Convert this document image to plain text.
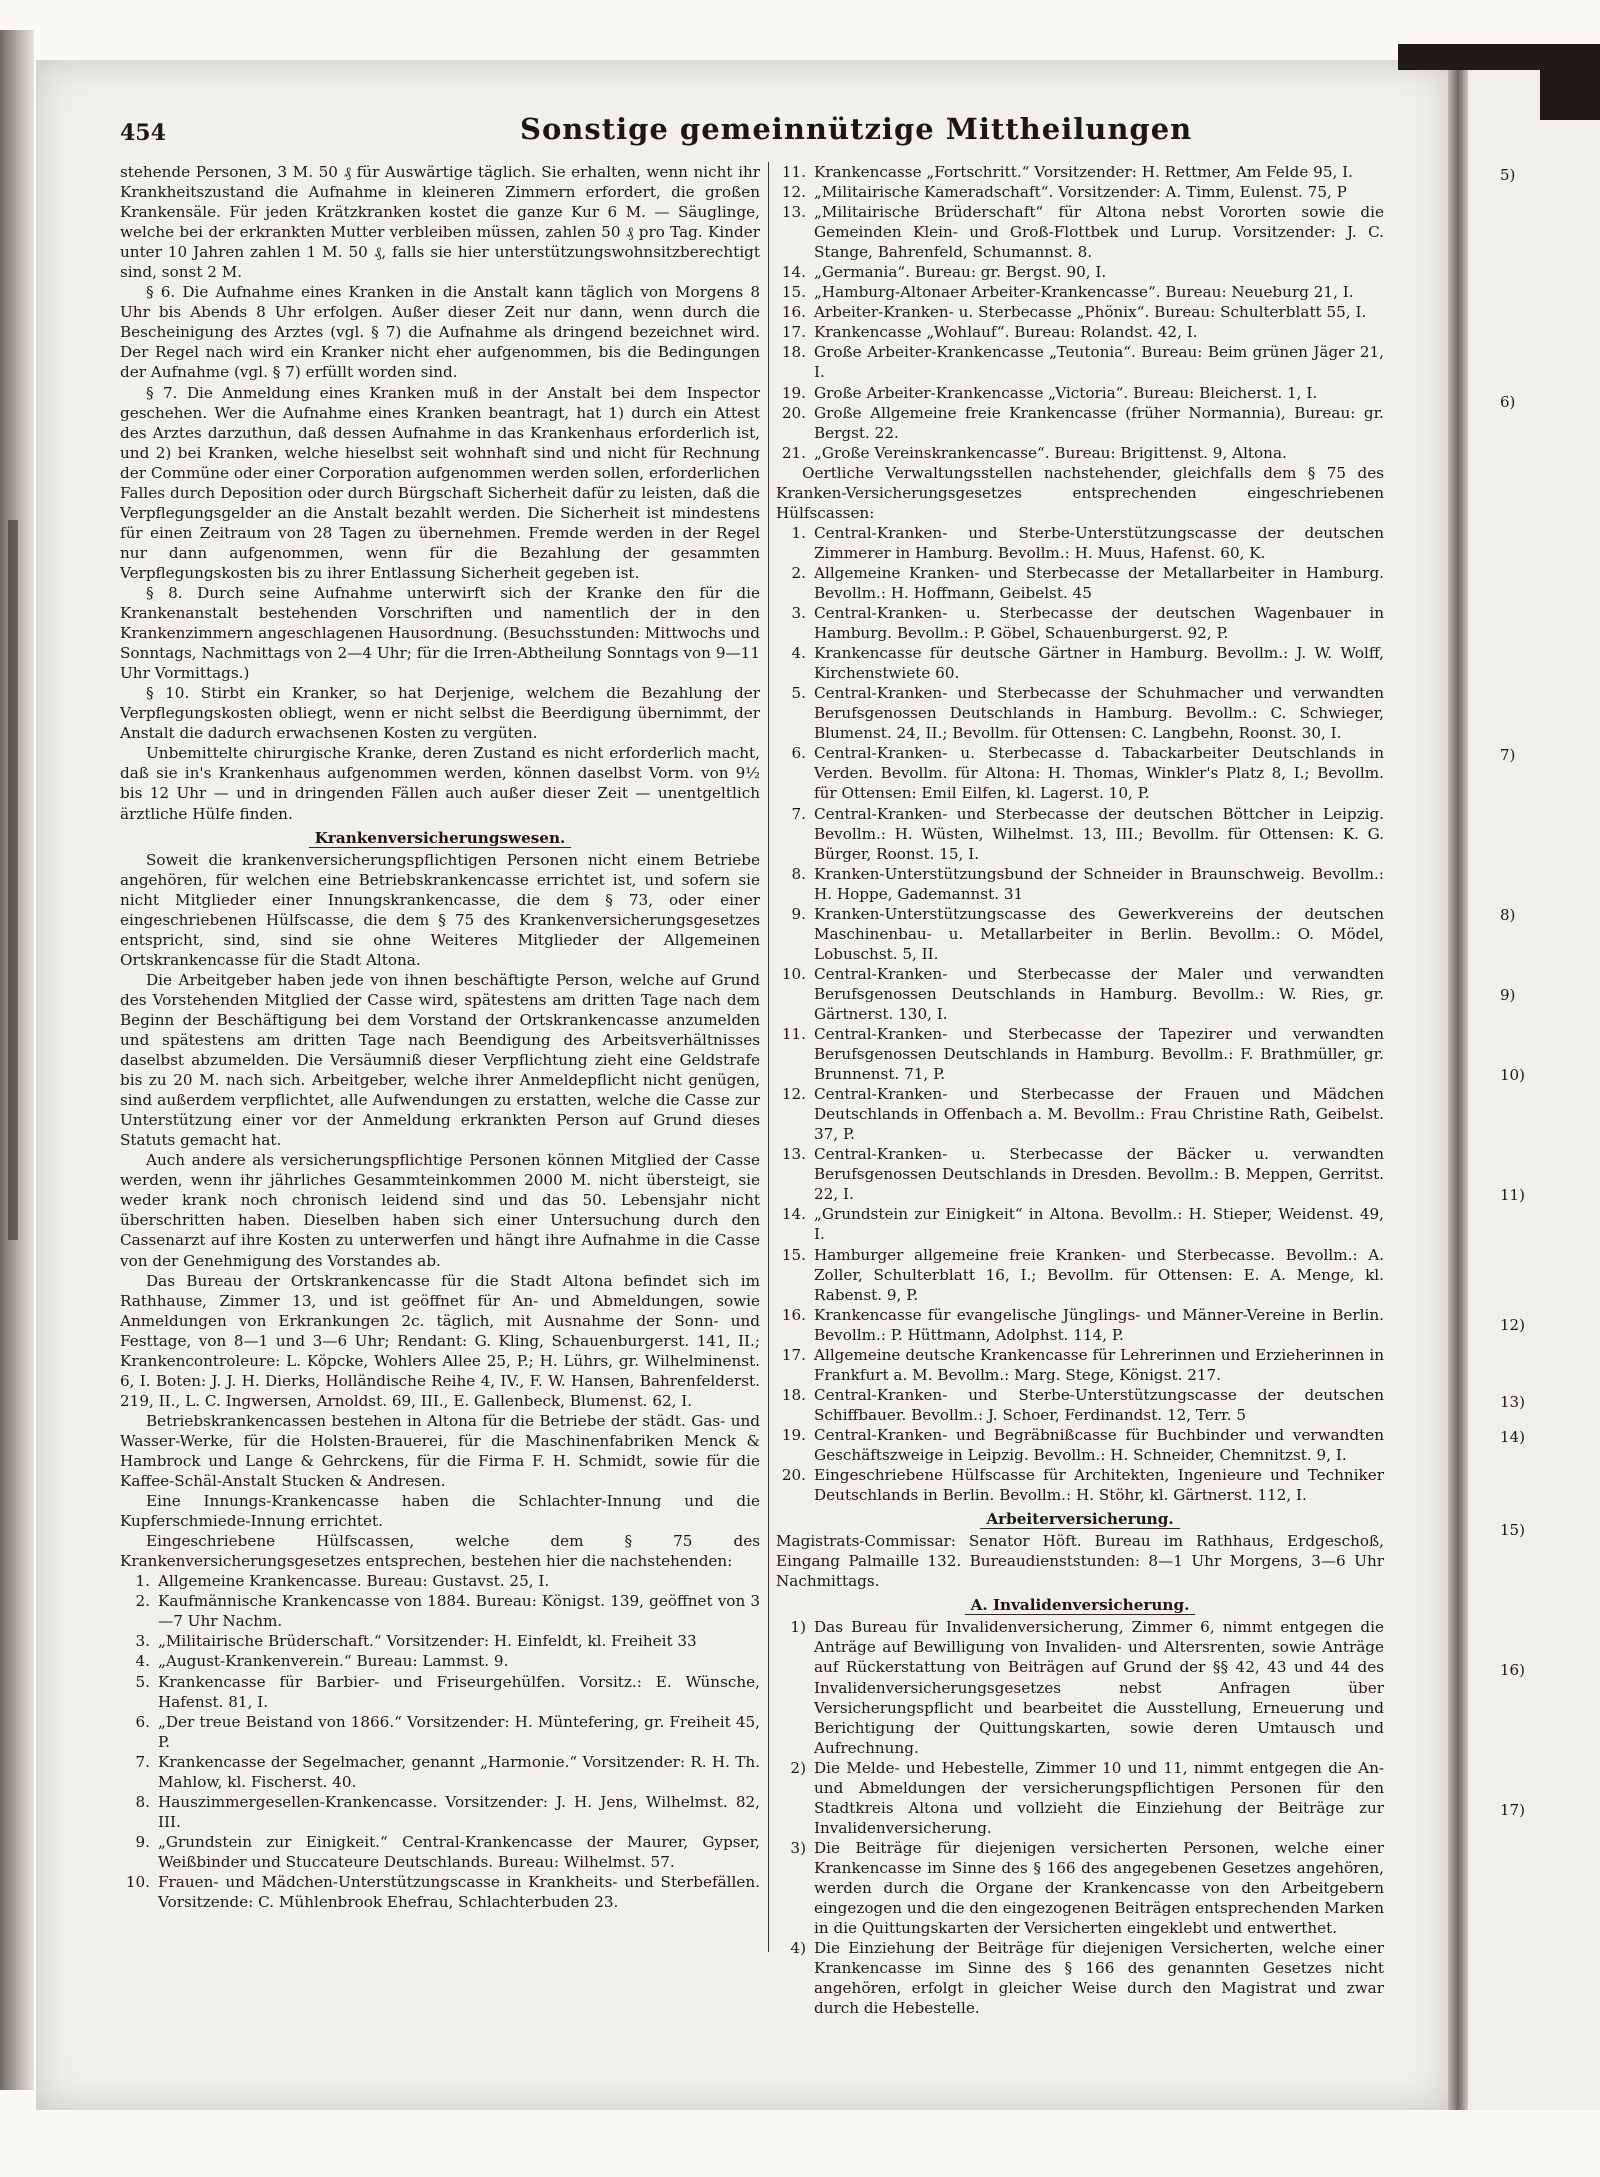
454	Sonstige gemeinnützige Mittheilungen

stehende Personen, 3 M. 50 ₰ für Auswärtige täglich. Sie erhalten, wenn nicht ihr Krankheitszustand die Aufnahme in kleineren Zimmern erfordert, die großen Krankensäle. Für jeden Krätzkranken kostet die ganze Kur 6 M. — Säuglinge, welche bei der erkrankten Mutter verbleiben müssen, zahlen 50 ₰ pro Tag. Kinder unter 10 Jahren zahlen 1 M. 50 ₰, falls sie hier unterstützungswohnsitzberechtigt sind, sonst 2 M.

§ 6. Die Aufnahme eines Kranken in die Anstalt kann täglich von Morgens 8 Uhr bis Abends 8 Uhr erfolgen. Außer dieser Zeit nur dann, wenn durch die Bescheinigung des Arztes (vgl. § 7) die Aufnahme als dringend bezeichnet wird. Der Regel nach wird ein Kranker nicht eher aufgenommen, bis die Bedingungen der Aufnahme (vgl. § 7) erfüllt worden sind.

§ 7. Die Anmeldung eines Kranken muß in der Anstalt bei dem Inspector geschehen. Wer die Aufnahme eines Kranken beantragt, hat 1) durch ein Attest des Arztes darzuthun, daß dessen Aufnahme in das Krankenhaus erforderlich ist, und 2) bei Kranken, welche hieselbst seit wohnhaft sind und nicht für Rechnung der Commüne oder einer Corporation aufgenommen werden sollen, erforderlichen Falles durch Deposition oder durch Bürgschaft Sicherheit dafür zu leisten, daß die Verpflegungsgelder an die Anstalt bezahlt werden. Die Sicherheit ist mindestens für einen Zeitraum von 28 Tagen zu übernehmen. Fremde werden in der Regel nur dann aufgenommen, wenn für die Bezahlung der gesammten Verpflegungskosten bis zu ihrer Entlassung Sicherheit gegeben ist.

§ 8. Durch seine Aufnahme unterwirft sich der Kranke den für die Krankenanstalt bestehenden Vorschriften und namentlich der in den Krankenzimmern angeschlagenen Hausordnung. (Besuchsstunden: Mittwochs und Sonntags, Nachmittags von 2—4 Uhr; für die Irren-Abtheilung Sonntags von 9—11 Uhr Vormittags.)

§ 10. Stirbt ein Kranker, so hat Derjenige, welchem die Bezahlung der Verpflegungskosten obliegt, wenn er nicht selbst die Beerdigung übernimmt, der Anstalt die dadurch erwachsenen Kosten zu vergüten.

Unbemittelte chirurgische Kranke, deren Zustand es nicht erforderlich macht, daß sie in's Krankenhaus aufgenommen werden, können daselbst Vorm. von 9½ bis 12 Uhr — und in dringenden Fällen auch außer dieser Zeit — unentgeltlich ärztliche Hülfe finden.

Krankenversicherungswesen.

Soweit die krankenversicherungspflichtigen Personen nicht einem Betriebe angehören, für welchen eine Betriebskrankencasse errichtet ist, und sofern sie nicht Mitglieder einer Innungskrankencasse, die dem § 73, oder einer eingeschriebenen Hülfscasse, die dem § 75 des Krankenversicherungsgesetzes entspricht, sind, sind sie ohne Weiteres Mitglieder der Allgemeinen Ortskrankencasse für die Stadt Altona.

Die Arbeitgeber haben jede von ihnen beschäftigte Person, welche auf Grund des Vorstehenden Mitglied der Casse wird, spätestens am dritten Tage nach dem Beginn der Beschäftigung bei dem Vorstand der Ortskrankencasse anzumelden und spätestens am dritten Tage nach Beendigung des Arbeitsverhältnisses daselbst abzumelden. Die Versäumniß dieser Verpflichtung zieht eine Geldstrafe bis zu 20 M. nach sich. Arbeitgeber, welche ihrer Anmeldepflicht nicht genügen, sind außerdem verpflichtet, alle Aufwendungen zu erstatten, welche die Casse zur Unterstützung einer vor der Anmeldung erkrankten Person auf Grund dieses Statuts gemacht hat.

Auch andere als versicherungspflichtige Personen können Mitglied der Casse werden, wenn ihr jährliches Gesammteinkommen 2000 M. nicht übersteigt, sie weder krank noch chronisch leidend sind und das 50. Lebensjahr nicht überschritten haben. Dieselben haben sich einer Untersuchung durch den Cassenarzt auf ihre Kosten zu unterwerfen und hängt ihre Aufnahme in die Casse von der Genehmigung des Vorstandes ab.

Das Bureau der Ortskrankencasse für die Stadt Altona befindet sich im Rathhause, Zimmer 13, und ist geöffnet für An- und Abmeldungen, sowie Anmeldungen von Erkrankungen 2c. täglich, mit Ausnahme der Sonn- und Festtage, von 8—1 und 3—6 Uhr; Rendant: G. Kling, Schauenburgerst. 141, II.; Krankencontroleure: L. Köpcke, Wohlers Allee 25, P.; H. Lührs, gr. Wilhelminenst. 6, I. Boten: J. J. H. Dierks, Holländische Reihe 4, IV., F. W. Hansen, Bahrenfelderst. 219, II., L. C. Ingwersen, Arnoldst. 69, III., E. Gallenbeck, Blumenst. 62, I.

Betriebskrankencassen bestehen in Altona für die Betriebe der städt. Gas- und Wasser-Werke, für die Holsten-Brauerei, für die Maschinenfabriken Menck & Hambrock und Lange & Gehrckens, für die Firma F. H. Schmidt, sowie für die Kaffee-Schäl-Anstalt Stucken & Andresen.

Eine Innungs-Krankencasse haben die Schlachter-Innung und die Kupferschmiede-Innung errichtet.

Eingeschriebene Hülfscassen, welche dem § 75 des Krankenversicherungsgesetzes entsprechen, bestehen hier die nachstehenden:

1. Allgemeine Krankencasse. Bureau: Gustavst. 25, I.
2. Kaufmännische Krankencasse von 1884. Bureau: Königst. 139, geöffnet von 3—7 Uhr Nachm.
3. „Militairische Brüderschaft.“ Vorsitzender: H. Einfeldt, kl. Freiheit 33
4. „August-Krankenverein.“ Bureau: Lammst. 9.
5. Krankencasse für Barbier- und Friseurgehülfen. Vorsitz.: E. Wünsche, Hafenst. 81, I.
6. „Der treue Beistand von 1866.“ Vorsitzender: H. Müntefering, gr. Freiheit 45, P.
7. Krankencasse der Segelmacher, genannt „Harmonie.“ Vorsitzender: R. H. Th. Mahlow, kl. Fischerst. 40.
8. Hauszimmergesellen-Krankencasse. Vorsitzender: J. H. Jens, Wilhelmst. 82, III.
9. „Grundstein zur Einigkeit.“ Central-Krankencasse der Maurer, Gypser, Weißbinder und Stuccateure Deutschlands. Bureau: Wilhelmst. 57.
10. Frauen- und Mädchen-Unterstützungscasse in Krankheits- und Sterbefällen. Vorsitzende: C. Mühlenbrook Ehefrau, Schlachterbuden 23.
11. Krankencasse „Fortschritt.“ Vorsitzender: H. Rettmer, Am Felde 95, I.
12. „Militairische Kameradschaft“. Vorsitzender: A. Timm, Eulenst. 75, P
13. „Militairische Brüderschaft“ für Altona nebst Vororten sowie die Gemeinden Klein- und Groß-Flottbek und Lurup. Vorsitzender: J. C. Stange, Bahrenfeld, Schumannst. 8.
14. „Germania“. Bureau: gr. Bergst. 90, I.
15. „Hamburg-Altonaer Arbeiter-Krankencasse“. Bureau: Neueburg 21, I.
16. Arbeiter-Kranken- u. Sterbecasse „Phönix“. Bureau: Schulterblatt 55, I.
17. Krankencasse „Wohlauf“. Bureau: Rolandst. 42, I.
18. Große Arbeiter-Krankencasse „Teutonia“. Bureau: Beim grünen Jäger 21, I.
19. Große Arbeiter-Krankencasse „Victoria“. Bureau: Bleicherst. 1, I.
20. Große Allgemeine freie Krankencasse (früher Normannia), Bureau: gr. Bergst. 22.
21. „Große Vereinskrankencasse“. Bureau: Brigittenst. 9, Altona.

Oertliche Verwaltungsstellen nachstehender, gleichfalls dem § 75 des Kranken-Versicherungsgesetzes entsprechenden eingeschriebenen Hülfscassen:

1. Central-Kranken- und Sterbe-Unterstützungscasse der deutschen Zimmerer in Hamburg. Bevollm.: H. Muus, Hafenst. 60, K.
2. Allgemeine Kranken- und Sterbecasse der Metallarbeiter in Hamburg. Bevollm.: H. Hoffmann, Geibelst. 45
3. Central-Kranken- u. Sterbecasse der deutschen Wagenbauer in Hamburg. Bevollm.: P. Göbel, Schauenburgerst. 92, P.
4. Krankencasse für deutsche Gärtner in Hamburg. Bevollm.: J. W. Wolff, Kirchenstwiete 60.
5. Central-Kranken- und Sterbecasse der Schuhmacher und verwandten Berufsgenossen Deutschlands in Hamburg. Bevollm.: C. Schwieger, Blumenst. 24, II.; Bevollm. für Ottensen: C. Langbehn, Roonst. 30, I.
6. Central-Kranken- u. Sterbecasse d. Tabackarbeiter Deutschlands in Verden. Bevollm. für Altona: H. Thomas, Winkler's Platz 8, I.; Bevollm. für Ottensen: Emil Eilfen, kl. Lagerst. 10, P.
7. Central-Kranken- und Sterbecasse der deutschen Böttcher in Leipzig. Bevollm.: H. Wüsten, Wilhelmst. 13, III.; Bevollm. für Ottensen: K. G. Bürger, Roonst. 15, I.
8. Kranken-Unterstützungsbund der Schneider in Braunschweig. Bevollm.: H. Hoppe, Gademannst. 31
9. Kranken-Unterstützungscasse des Gewerkvereins der deutschen Maschinenbau- u. Metallarbeiter in Berlin. Bevollm.: O. Mödel, Lobuschst. 5, II.
10. Central-Kranken- und Sterbecasse der Maler und verwandten Berufsgenossen Deutschlands in Hamburg. Bevollm.: W. Ries, gr. Gärtnerst. 130, I.
11. Central-Kranken- und Sterbecasse der Tapezirer und verwandten Berufsgenossen Deutschlands in Hamburg. Bevollm.: F. Brathmüller, gr. Brunnenst. 71, P.
12. Central-Kranken- und Sterbecasse der Frauen und Mädchen Deutschlands in Offenbach a. M. Bevollm.: Frau Christine Rath, Geibelst. 37, P.
13. Central-Kranken- u. Sterbecasse der Bäcker u. verwandten Berufsgenossen Deutschlands in Dresden. Bevollm.: B. Meppen, Gerritst. 22, I.
14. „Grundstein zur Einigkeit“ in Altona. Bevollm.: H. Stieper, Weidenst. 49, I.
15. Hamburger allgemeine freie Kranken- und Sterbecasse. Bevollm.: A. Zoller, Schulterblatt 16, I.; Bevollm. für Ottensen: E. A. Menge, kl. Rabenst. 9, P.
16. Krankencasse für evangelische Jünglings- und Männer-Vereine in Berlin. Bevollm.: P. Hüttmann, Adolphst. 114, P.
17. Allgemeine deutsche Krankencasse für Lehrerinnen und Erzieherinnen in Frankfurt a. M. Bevollm.: Marg. Stege, Königst. 217.
18. Central-Kranken- und Sterbe-Unterstützungscasse der deutschen Schiffbauer. Bevollm.: J. Schoer, Ferdinandst. 12, Terr. 5
19. Central-Kranken- und Begräbnißcasse für Buchbinder und verwandten Geschäftszweige in Leipzig. Bevollm.: H. Schneider, Chemnitzst. 9, I.
20. Eingeschriebene Hülfscasse für Architekten, Ingenieure und Techniker Deutschlands in Berlin. Bevollm.: H. Stöhr, kl. Gärtnerst. 112, I.
Arbeiterversicherung.

Magistrats-Commissar: Senator Höft. Bureau im Rathhaus, Erdgeschoß, Eingang Palmaille 132. Bureaudienststunden: 8—1 Uhr Morgens, 3—6 Uhr Nachmittags.

A. Invalidenversicherung.
1) Das Bureau für Invalidenversicherung, Zimmer 6, nimmt entgegen die Anträge auf Bewilligung von Invaliden- und Altersrenten, sowie Anträge auf Rückerstattung von Beiträgen auf Grund der §§ 42, 43 und 44 des Invalidenversicherungsgesetzes nebst Anfragen über Versicherungspflicht und bearbeitet die Ausstellung, Erneuerung und Berichtigung der Quittungskarten, sowie deren Umtausch und Aufrechnung.
2) Die Melde- und Hebestelle, Zimmer 10 und 11, nimmt entgegen die An- und Abmeldungen der versicherungspflichtigen Personen für den Stadtkreis Altona und vollzieht die Einziehung der Beiträge zur Invalidenversicherung.
3) Die Beiträge für diejenigen versicherten Personen, welche einer Krankencasse im Sinne des § 166 des angegebenen Gesetzes angehören, werden durch die Organe der Krankencasse von den Arbeitgebern eingezogen und die den eingezogenen Beiträgen entsprechenden Marken in die Quittungskarten der Versicherten eingeklebt und entwerthet.
4) Die Einziehung der Beiträge für diejenigen Versicherten, welche einer Krankencasse im Sinne des § 166 des genannten Gesetzes nicht angehören, erfolgt in gleicher Weise durch den Magistrat und zwar durch die Hebestelle.
5)
6)
7)
8)
9)
10)
11)
12)
13)
14)
15)
16)
17)
